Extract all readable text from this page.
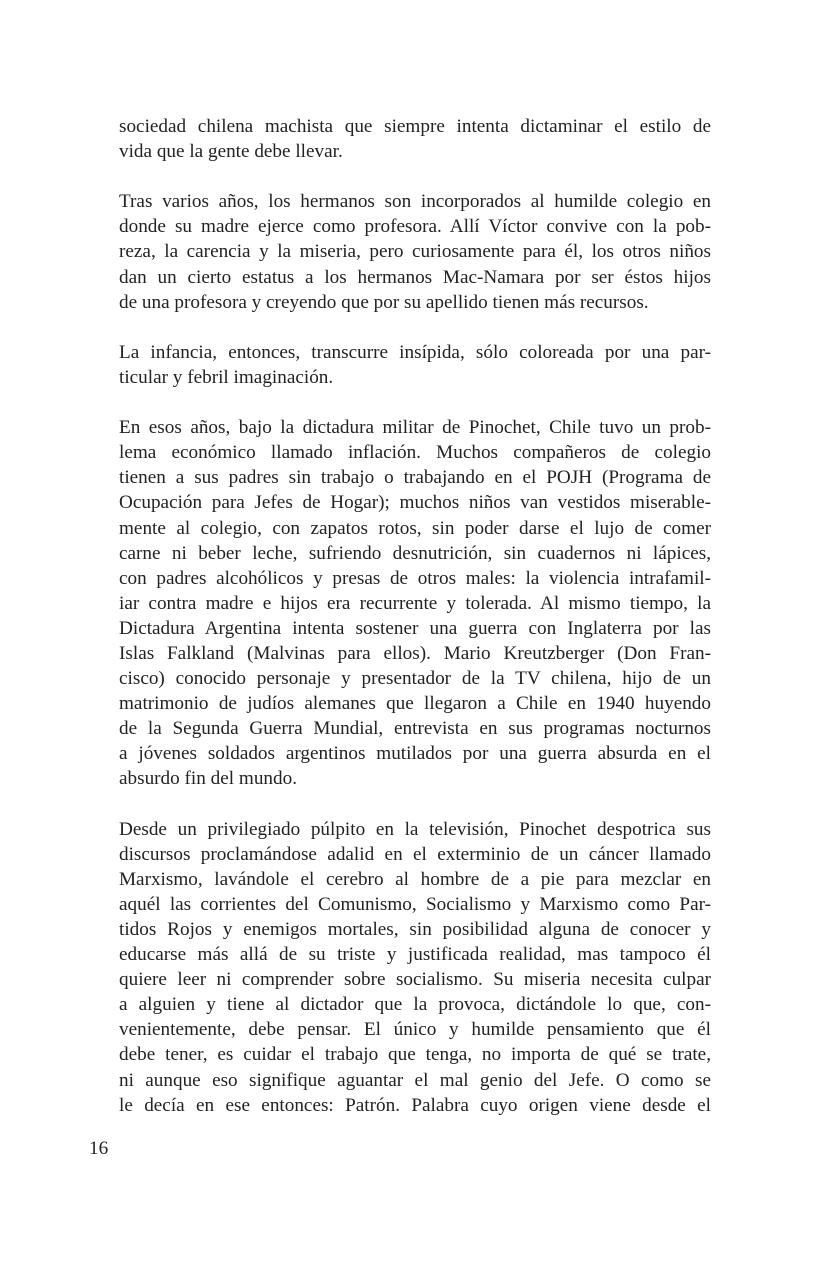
sociedad chilena machista que siempre intenta dictaminar el estilo de
vida que la gente debe llevar.
Tras varios años, los hermanos son incorporados al humilde colegio en
donde su madre ejerce como profesora. Allí Víctor convive con la pob-
reza, la carencia y la miseria, pero curiosamente para él, los otros niños
dan un cierto estatus a los hermanos Mac-Namara por ser éstos hijos
de una profesora y creyendo que por su apellido tienen más recursos.
La infancia, entonces, transcurre insípida, sólo coloreada por una par-
ticular y febril imaginación.
En esos años, bajo la dictadura militar de Pinochet, Chile tuvo un prob-
lema económico llamado inflación. Muchos compañeros de colegio
tienen a sus padres sin trabajo o trabajando en el POJH (Programa de
Ocupación para Jefes de Hogar); muchos niños van vestidos miserable-
mente al colegio, con zapatos rotos, sin poder darse el lujo de comer
carne ni beber leche, sufriendo desnutrición, sin cuadernos ni lápices,
con padres alcohólicos y presas de otros males: la violencia intrafamil-
iar contra madre e hijos era recurrente y tolerada. Al mismo tiempo, la
Dictadura Argentina intenta sostener una guerra con Inglaterra por las
Islas Falkland (Malvinas para ellos). Mario Kreutzberger (Don Fran-
cisco) conocido personaje y presentador de la TV chilena, hijo de un
matrimonio de judíos alemanes que llegaron a Chile en 1940 huyendo
de la Segunda Guerra Mundial, entrevista en sus programas nocturnos
a jóvenes soldados argentinos mutilados por una guerra absurda en el
absurdo fin del mundo.
Desde un privilegiado púlpito en la televisión, Pinochet despotrica sus
discursos proclamándose adalid en el exterminio de un cáncer llamado
Marxismo, lavándole el cerebro al hombre de a pie para mezclar en
aquél las corrientes del Comunismo, Socialismo y Marxismo como Par-
tidos Rojos y enemigos mortales, sin posibilidad alguna de conocer y
educarse más allá de su triste y justificada realidad, mas tampoco él
quiere leer ni comprender sobre socialismo. Su miseria necesita culpar
a alguien y tiene al dictador que la provoca, dictándole lo que, con-
venientemente, debe pensar. El único y humilde pensamiento que él
debe tener, es cuidar el trabajo que tenga, no importa de qué se trate,
ni aunque eso signifique aguantar el mal genio del Jefe. O como se
le decía en ese entonces: Patrón. Palabra cuyo origen viene desde el
16
